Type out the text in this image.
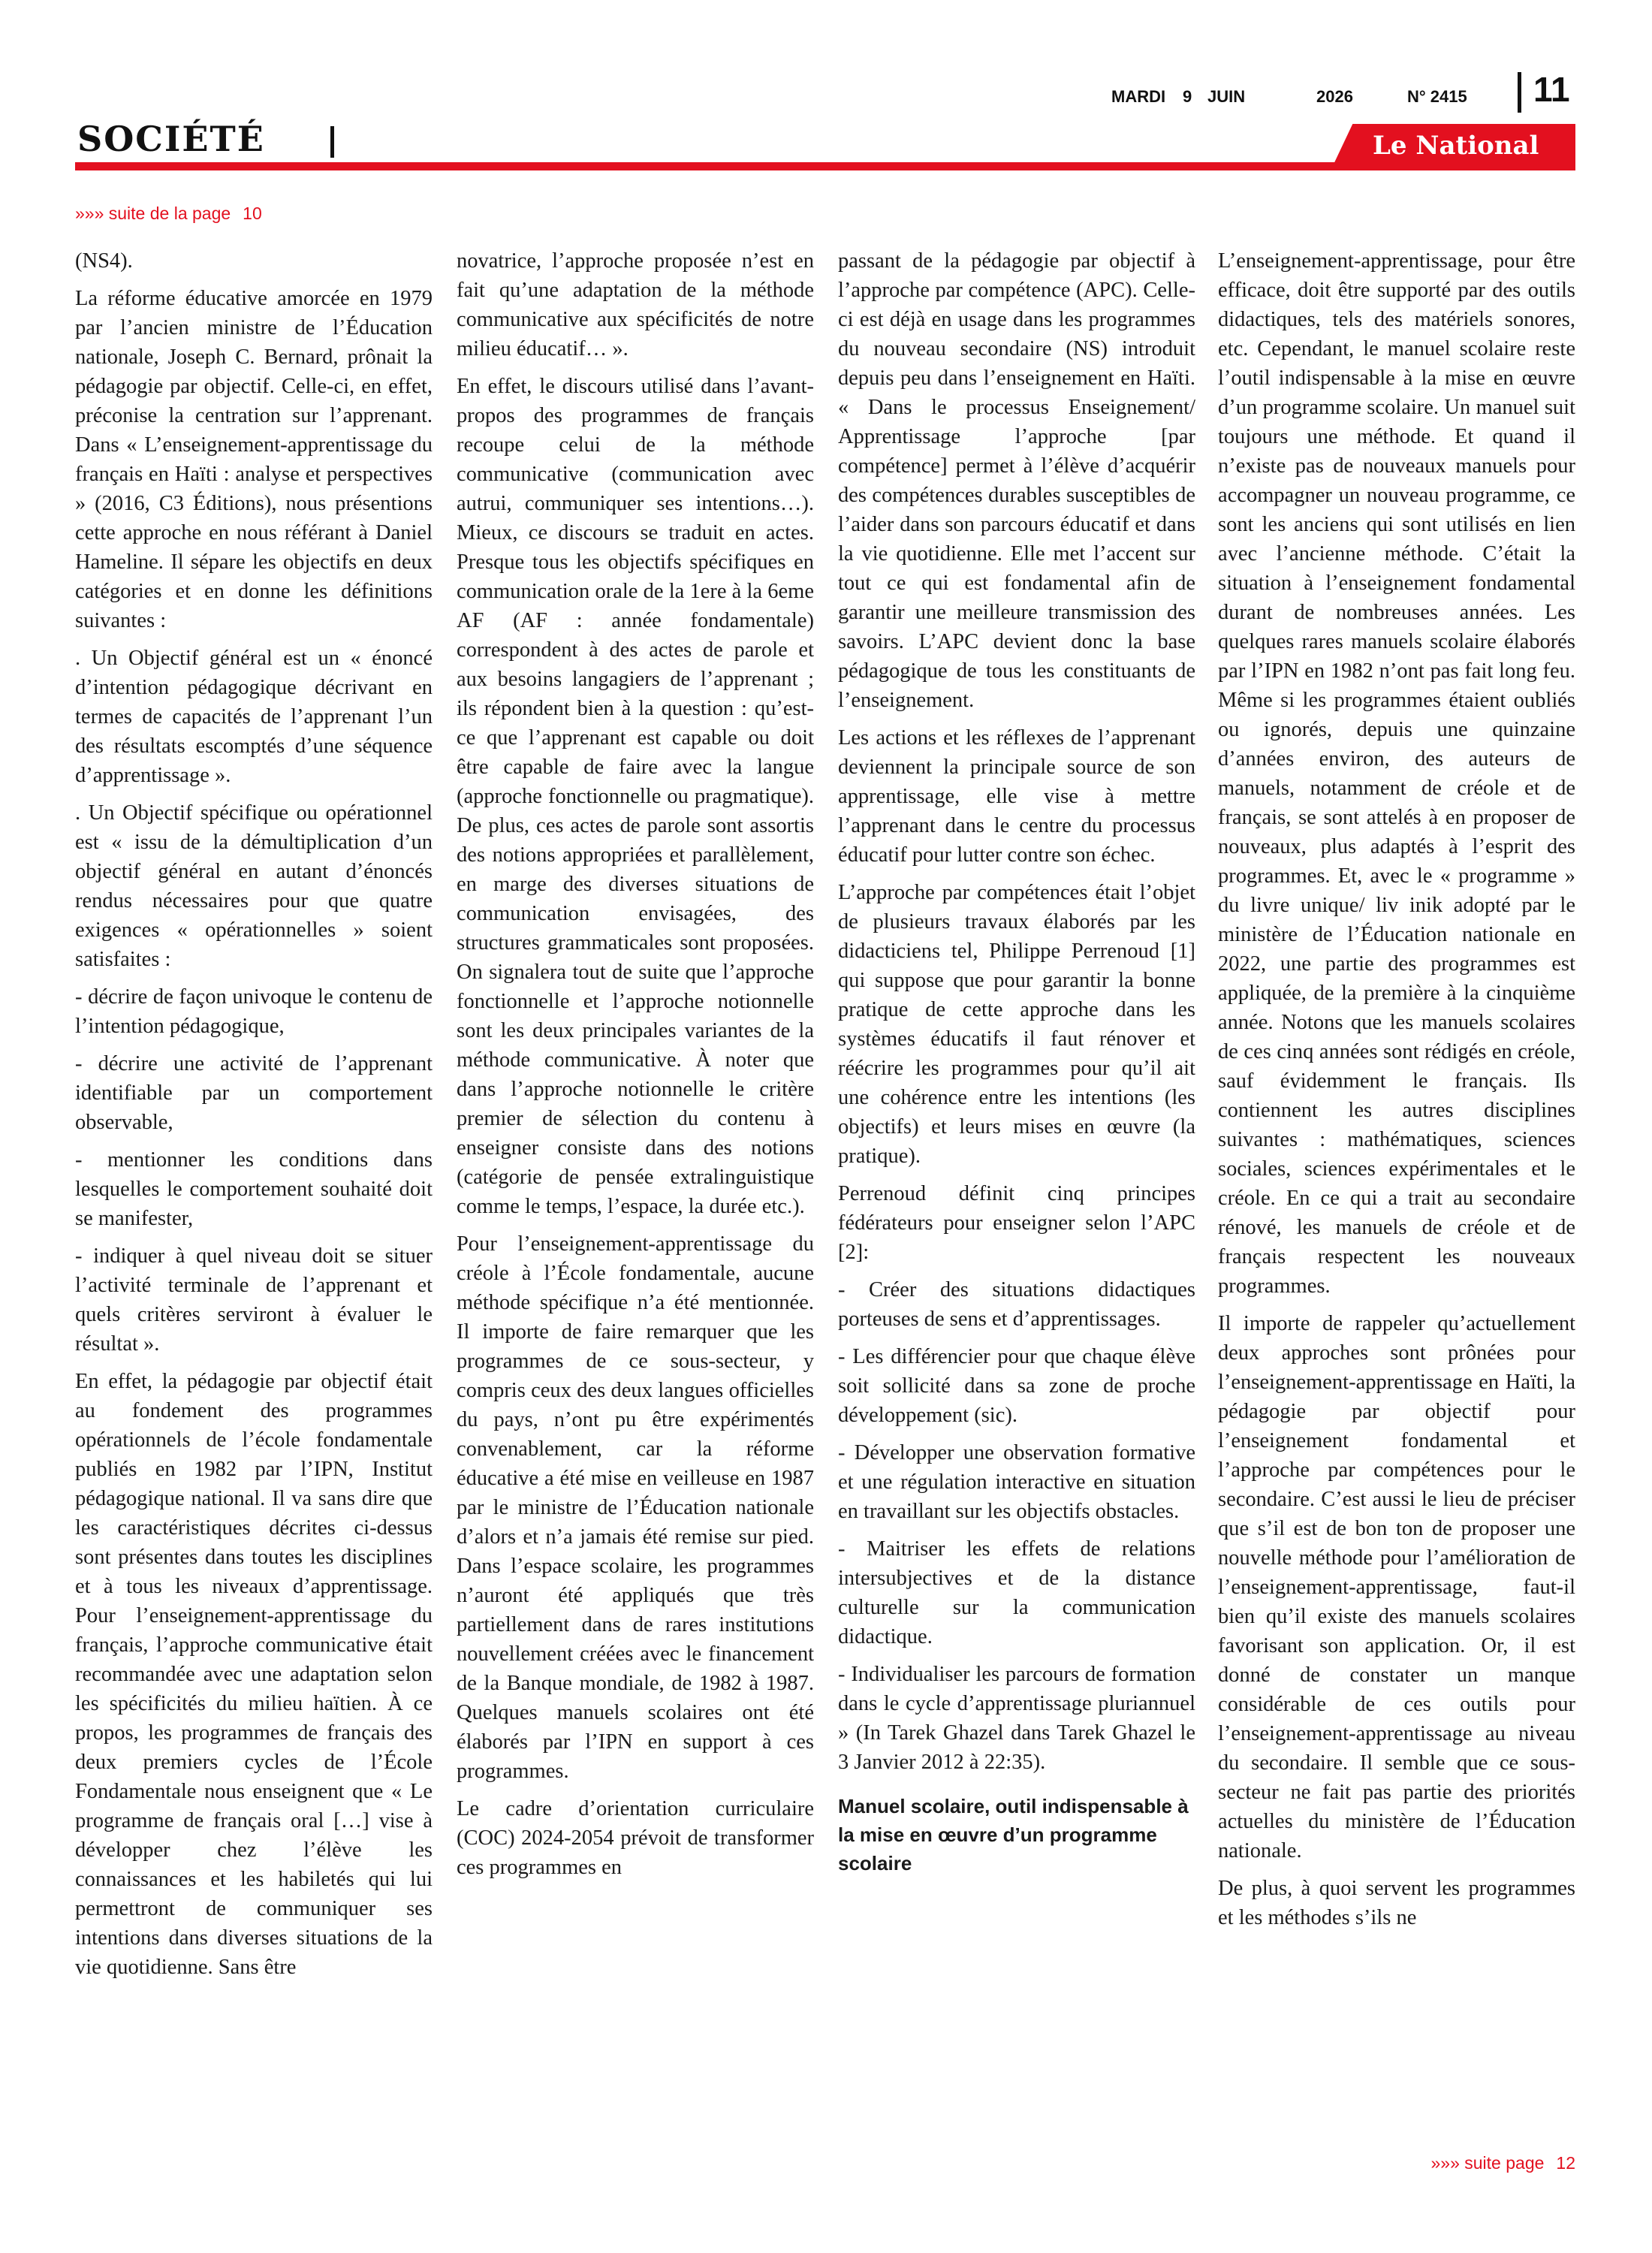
MARDI 9 JUIN	2026	N° 2415 11
SOCIÉTÉ	Le National
»»» suite de la page 10

(NS4).

La réforme éducative amorcée en 1979 par l’ancien ministre de l’Éducation nationale, Joseph C. Bernard, prônait la pédagogie par objectif. Celle-ci, en effet, préconise la centration sur l’apprenant. Dans « L’enseignement-apprentissage du français en Haïti : analyse et perspectives » (2016, C3 Éditions), nous présentions cette approche en nous référant à Daniel Hameline. Il sépare les objectifs en deux catégories et en donne les définitions suivantes :

. Un Objectif général est un « énoncé d’intention pédagogique décrivant en termes de capacités de l’apprenant l’un des résultats escomptés d’une séquence d’apprentissage ».

. Un Objectif spécifique ou opérationnel est « issu de la démultiplication d’un objectif général en autant d’énoncés rendus nécessaires pour que quatre exigences « opérationnelles » soient satisfaites :

- décrire de façon univoque le contenu de l’intention pédagogique,

- décrire une activité de l’apprenant identifiable par un comportement observable,

- mentionner les conditions dans lesquelles le comportement souhaité doit se manifester,

- indiquer à quel niveau doit se situer l’activité terminale de l’apprenant et quels critères serviront à évaluer le résultat ».

En effet, la pédagogie par objectif était au fondement des programmes opérationnels de l’école fondamentale publiés en 1982 par l’IPN, Institut pédagogique national. Il va sans dire que les caractéristiques décrites ci-dessus sont présentes dans toutes les disciplines et à tous les niveaux d’apprentissage. Pour l’enseignement-apprentissage du français, l’approche communicative était recommandée avec une adaptation selon les spécificités du milieu haïtien. À ce propos, les programmes de français des deux premiers cycles de l’École Fondamentale nous enseignent que « Le programme de français oral […] vise à développer chez l’élève les connaissances et les habiletés qui lui permettront de communiquer ses intentions dans diverses situations de la vie quotidienne. Sans être

novatrice, l’approche proposée n’est en fait qu’une adaptation de la méthode communicative aux spécificités de notre milieu éducatif… ».

En effet, le discours utilisé dans l’avant- propos des programmes de français recoupe celui de la méthode communicative (communication avec autrui, communiquer ses intentions…). Mieux, ce discours se traduit en actes. Presque tous les objectifs spécifiques en communication orale de la 1ere à la 6eme AF (AF : année fondamentale) correspondent à des actes de parole et aux besoins langagiers de l’apprenant ; ils répondent bien à la question : qu’est-ce que l’apprenant est capable ou doit être capable de faire avec la langue (approche fonctionnelle ou pragmatique). De plus, ces actes de parole sont assortis des notions appropriées et parallèlement, en marge des diverses situations de communication envisagées, des structures grammaticales sont proposées. On signalera tout de suite que l’approche fonctionnelle et l’approche notionnelle sont les deux principales variantes de la méthode communicative. À noter que dans l’approche notionnelle le critère premier de sélection du contenu à enseigner consiste dans des notions (catégorie de pensée extralinguistique comme le temps, l’espace, la durée etc.).

Pour l’enseignement-apprentissage du créole à l’École fondamentale, aucune méthode spécifique n’a été mentionnée. Il importe de faire remarquer que les programmes de ce sous-secteur, y compris ceux des deux langues officielles du pays, n’ont pu être expérimentés convenablement, car la réforme éducative a été mise en veilleuse en 1987 par le ministre de l’Éducation nationale d’alors et n’a jamais été remise sur pied. Dans l’espace scolaire, les programmes n’auront été appliqués que très partiellement dans de rares institutions nouvellement créées avec le financement de la Banque mondiale, de 1982 à 1987. Quelques manuels scolaires ont été élaborés par l’IPN en support à ces programmes.

Le cadre d’orientation curriculaire (COC) 2024-2054 prévoit de transformer ces programmes en

passant de la pédagogie par objectif à l’approche par compétence (APC). Celle-ci est déjà en usage dans les programmes du nouveau secondaire (NS) introduit depuis peu dans l’enseignement en Haïti. « Dans le processus Enseignement/ Apprentissage l’approche [par compétence] permet à l’élève d’acquérir des compétences durables susceptibles de l’aider dans son parcours éducatif et dans la vie quotidienne. Elle met l’accent sur tout ce qui est fondamental afin de garantir une meilleure transmission des savoirs. L’APC devient donc la base pédagogique de tous les constituants de l’enseignement.

Les actions et les réflexes de l’apprenant deviennent la principale source de son apprentissage, elle vise à mettre l’apprenant dans le centre du processus éducatif pour lutter contre son échec.

L’approche par compétences était l’objet de plusieurs travaux élaborés par les didacticiens tel, Philippe Perrenoud [1] qui suppose que pour garantir la bonne pratique de cette approche dans les systèmes éducatifs il faut rénover et réécrire les programmes pour qu’il ait une cohérence entre les intentions (les objectifs) et leurs mises en œuvre (la pratique).

Perrenoud définit cinq principes fédérateurs pour enseigner selon l’APC [2]:

- Créer des situations didactiques porteuses de sens et d’apprentissages.

- Les différencier pour que chaque élève soit sollicité dans sa zone de proche développement (sic).

- Développer une observation formative et une régulation interactive en situation en travaillant sur les objectifs obstacles.

- Maitriser les effets de relations intersubjectives et de la distance culturelle sur la communication didactique.

- Individualiser les parcours de formation dans le cycle d’apprentissage pluriannuel » (In Tarek Ghazel dans Tarek Ghazel le 3 Janvier 2012 à 22:35).

Manuel scolaire, outil indispensable à la mise en œuvre d’un programme scolaire

L’enseignement-apprentissage, pour être efficace, doit être supporté par des outils didactiques, tels des matériels sonores, etc. Cependant, le manuel scolaire reste l’outil indispensable à la mise en œuvre d’un programme scolaire. Un manuel suit toujours une méthode. Et quand il n’existe pas de nouveaux manuels pour accompagner un nouveau programme, ce sont les anciens qui sont utilisés en lien avec l’ancienne méthode. C’était la situation à l’enseignement fondamental durant de nombreuses années. Les quelques rares manuels scolaire élaborés par l’IPN en 1982 n’ont pas fait long feu. Même si les programmes étaient oubliés ou ignorés, depuis une quinzaine d’années environ, des auteurs de manuels, notamment de créole et de français, se sont attelés à en proposer de nouveaux, plus adaptés à l’esprit des programmes. Et, avec le « programme » du livre unique/ liv inik adopté par le ministère de l’Éducation nationale en 2022, une partie des programmes est appliquée, de la première à la cinquième année. Notons que les manuels scolaires de ces cinq années sont rédigés en créole, sauf évidemment le français. Ils contiennent les autres disciplines suivantes : mathématiques, sciences sociales, sciences expérimentales et le créole. En ce qui a trait au secondaire rénové, les manuels de créole et de français respectent les nouveaux programmes.

Il importe de rappeler qu’actuellement deux approches sont prônées pour l’enseignement-apprentissage en Haïti, la pédagogie par objectif pour l’enseignement fondamental et l’approche par compétences pour le secondaire. C’est aussi le lieu de préciser que s’il est de bon ton de proposer une nouvelle méthode pour l’amélioration de l’enseignement-apprentissage, faut-il bien qu’il existe des manuels scolaires favorisant son application. Or, il est donné de constater un manque considérable de ces outils pour l’enseignement-apprentissage au niveau du secondaire. Il semble que ce sous-secteur ne fait pas partie des priorités actuelles du ministère de l’Éducation nationale.

De plus, à quoi servent les programmes et les méthodes s’ils ne

»»» suite page 12
